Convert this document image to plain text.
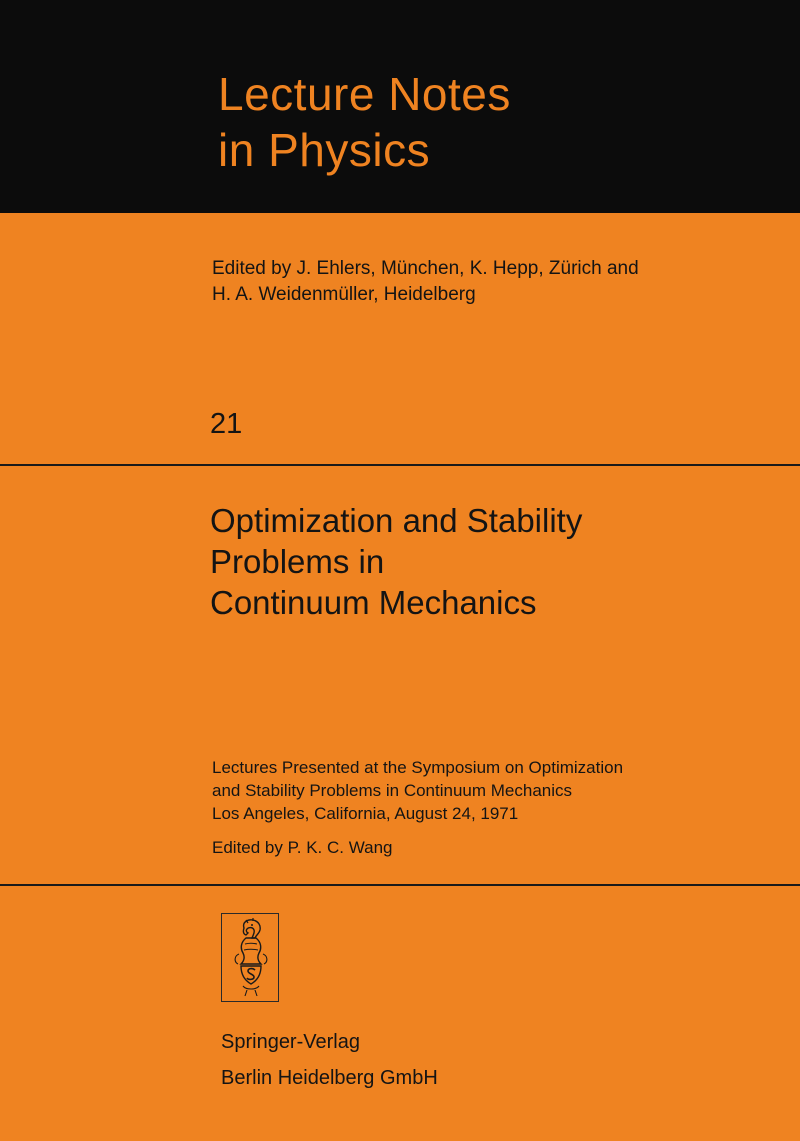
Lecture Notes
in Physics

Edited by J. Ehlers, München, K. Hepp, Zürich and
H. A. Weidenmüller, Heidelberg

21
Optimization and Stability
Problems in
Continuum Mechanics

Lectures Presented at the Symposium on Optimization
and Stability Problems in Continuum Mechanics
Los Angeles, California, August 24, 1971

Edited by P. K. C. Wang
Springer-Verlag
Berlin Heidelberg GmbH
